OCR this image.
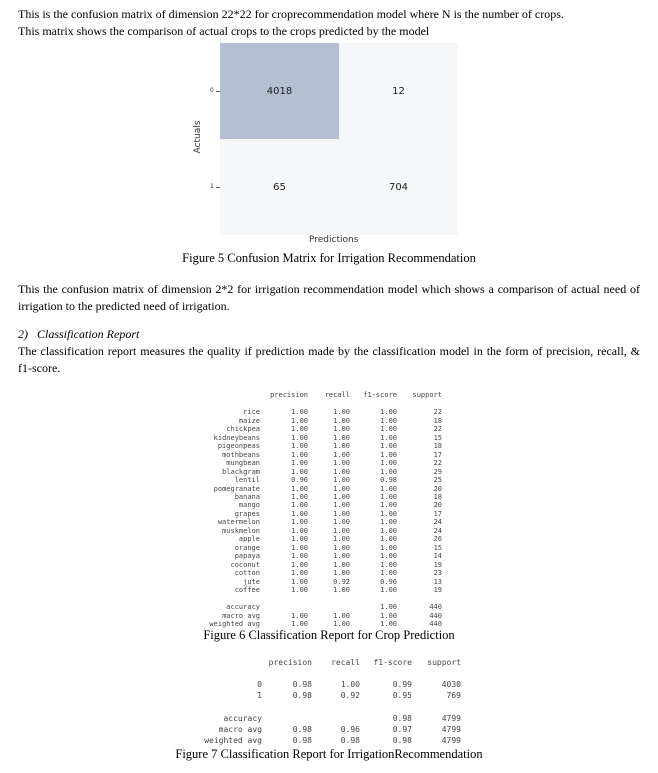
This is the confusion matrix of dimension 22*22 for croprecommendation model where N is the number of crops.
This matrix shows the comparison of actual crops to the crops predicted by the model
4018	12
65	704
0
1
Actuals
Predictions
Figure 5 Confusion Matrix for Irrigation Recommendation
This the confusion matrix of dimension 2*2 for irrigation recommendation model which shows a comparison of actual need of irrigation to the predicted need of irrigation.
2) Classification Report
The classification report measures the quality if prediction made by the classification model in the form of precision, recall, & f1-score.
	precision	recall	f1-score	support

rice	1.00	1.00	1.00	22
maize	1.00	1.00	1.00	18
chickpea	1.00	1.00	1.00	22
kidneybeans	1.00	1.00	1.00	15
pigeonpeas	1.00	1.00	1.00	18
mothbeans	1.00	1.00	1.00	17
mungbean	1.00	1.00	1.00	22
blackgram	1.00	1.00	1.00	29
lentil	0.96	1.00	0.98	25
pomegranate	1.00	1.00	1.00	20
banana	1.00	1.00	1.00	18
mango	1.00	1.00	1.00	20
grapes	1.00	1.00	1.00	17
watermelon	1.00	1.00	1.00	24
muskmelon	1.00	1.00	1.00	24
apple	1.00	1.00	1.00	26
orange	1.00	1.00	1.00	15
papaya	1.00	1.00	1.00	14
coconut	1.00	1.00	1.00	19
cotton	1.00	1.00	1.00	23
jute	1.00	0.92	0.96	13
coffee	1.00	1.00	1.00	19

accuracy			1.00	440
macro avg	1.00	1.00	1.00	440
weighted avg	1.00	1.00	1.00	440
Figure 6 Classification Report for Crop Prediction
	precision	recall	f1-score	support

0	0.98	1.00	0.99	4030
1	0.98	0.92	0.95	769

accuracy			0.98	4799
macro avg	0.98	0.96	0.97	4799
weighted avg	0.98	0.98	0.98	4799
Figure 7 Classification Report for IrrigationRecommendation
